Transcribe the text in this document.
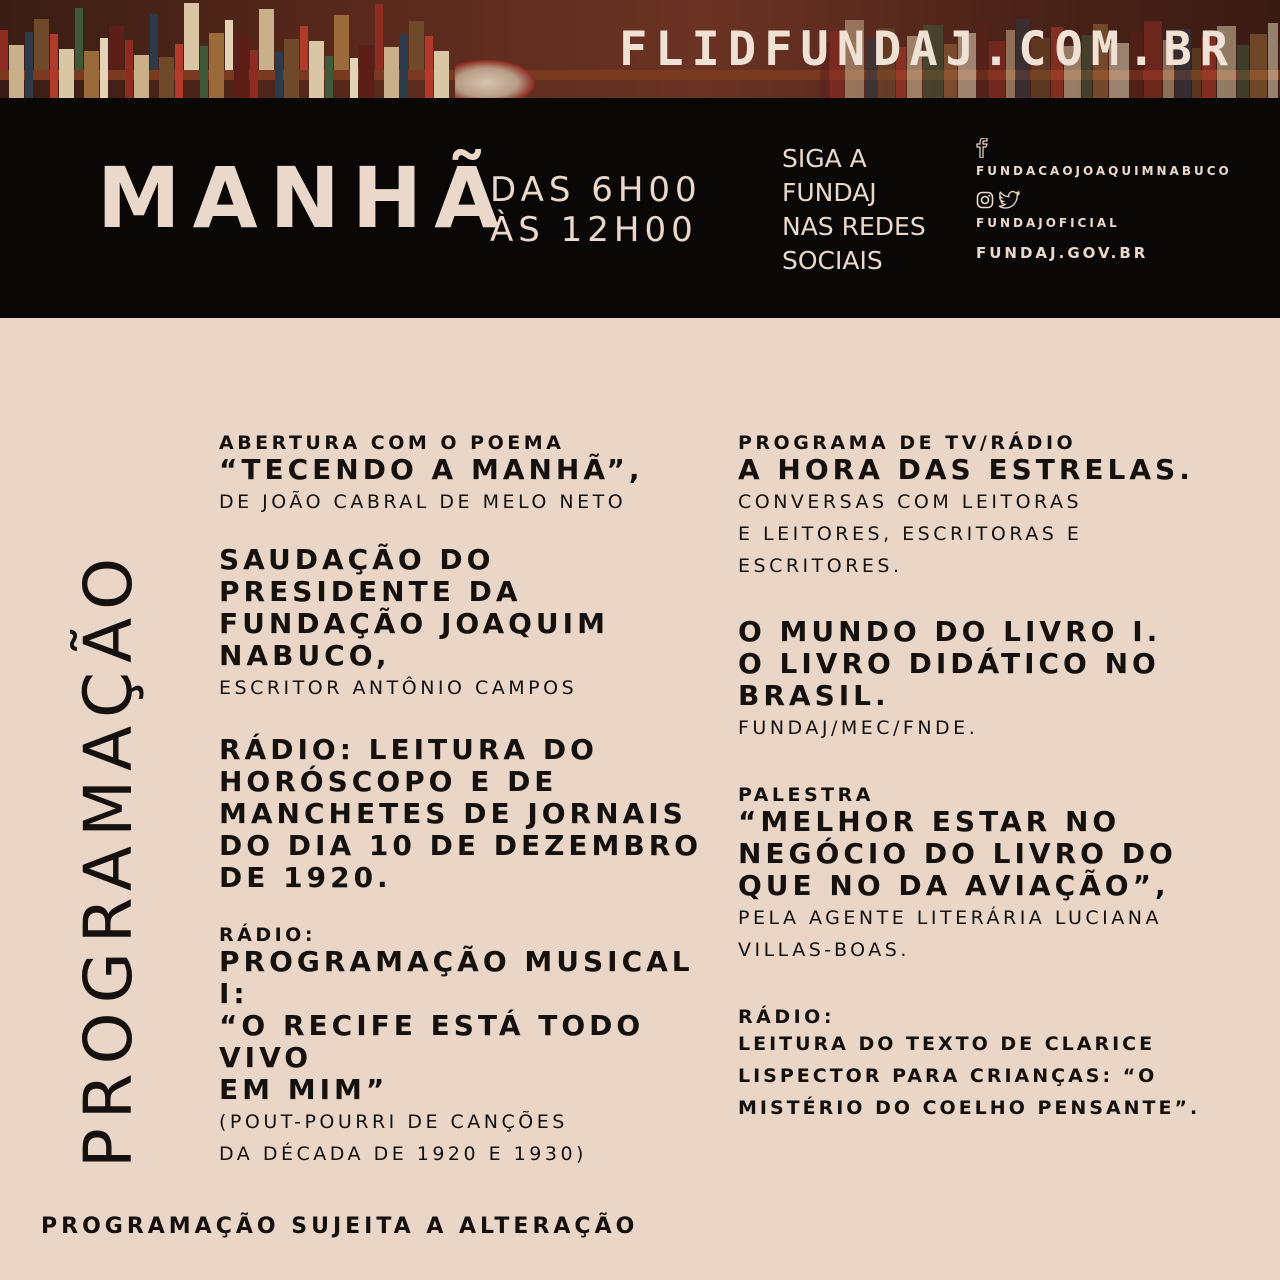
FLIDFUNDAJ.COM.BR
MANHÃ
DAS 6H00
ÀS 12H00
SIGA A
FUNDAJ
NAS REDES
SOCIAIS
FUNDACAOJOAQUIMNABUCO
FUNDAJOFICIAL
FUNDAJ.GOV.BR
PROGRAMAÇÃO
ABERTURA COM O POEMA
“TECENDO A MANHÃ”,
DE JOÃO CABRAL DE MELO NETO
SAUDAÇÃO DO
PRESIDENTE DA
FUNDAÇÃO JOAQUIM
NABUCO,
ESCRITOR ANTÔNIO CAMPOS
RÁDIO: LEITURA DO
HORÓSCOPO E DE
MANCHETES DE JORNAIS
DO DIA 10 DE DEZEMBRO
DE 1920.
RÁDIO:
PROGRAMAÇÃO MUSICAL I:
“O RECIFE ESTÁ TODO VIVO
EM MIM”
(POUT-POURRI DE CANÇÕES
DA DÉCADA DE 1920 E 1930)
PROGRAMA DE TV/RÁDIO
A HORA DAS ESTRELAS.
CONVERSAS COM LEITORAS
E LEITORES, ESCRITORAS E
ESCRITORES.
O MUNDO DO LIVRO I.
O LIVRO DIDÁTICO NO
BRASIL.
FUNDAJ/MEC/FNDE.
PALESTRA
“MELHOR ESTAR NO
NEGÓCIO DO LIVRO DO
QUE NO DA AVIAÇÃO”,
PELA AGENTE LITERÁRIA LUCIANA
VILLAS-BOAS.
RÁDIO:
LEITURA DO TEXTO DE CLARICE
LISPECTOR PARA CRIANÇAS: “O
MISTÉRIO DO COELHO PENSANTE”.
PROGRAMAÇÃO SUJEITA A ALTERAÇÃO
